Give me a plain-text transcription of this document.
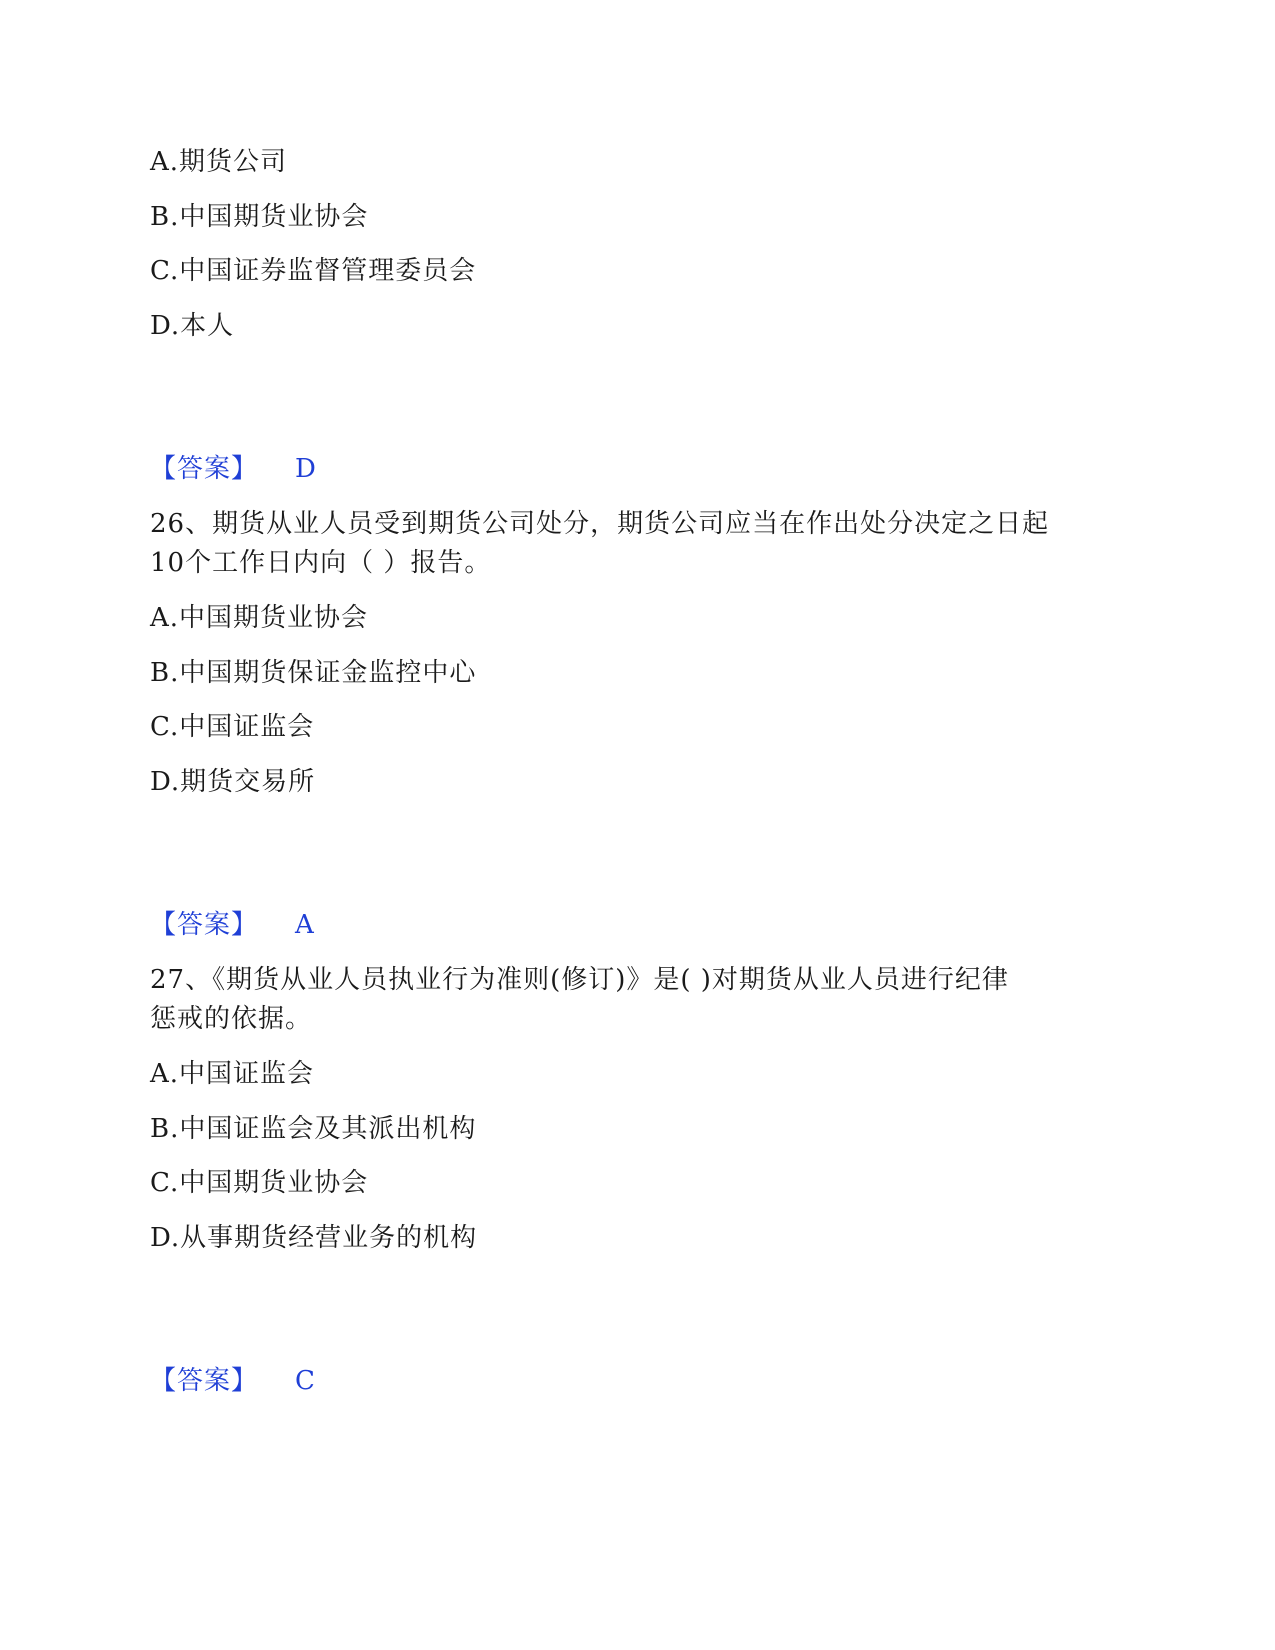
A.期货公司
B.中国期货业协会
C.中国证券监督管理委员会
D.本人
【答案】 D
26、期货从业人员受到期货公司处分，期货公司应当在作出处分决定之日起
10个工作日内向（ ）报告。
A.中国期货业协会
B.中国期货保证金监控中心
C.中国证监会
D.期货交易所
【答案】 A
27、《期货从业人员执业行为准则(修订)》是( )对期货从业人员进行纪律
惩戒的依据。
A.中国证监会
B.中国证监会及其派出机构
C.中国期货业协会
D.从事期货经营业务的机构
【答案】 C
